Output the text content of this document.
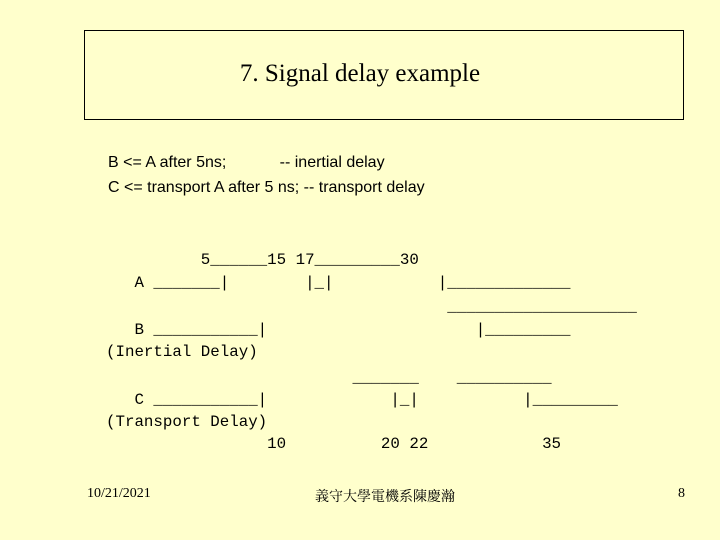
7. Signal delay example
B <= A after 5ns;            -- inertial delay
C <= transport A after 5 ns; -- transport delay
5______15 17_________30
A _______|        |_|           |_____________
____________________
B ___________|                      |_________
(Inertial Delay)
_______    __________
C ___________|             |_|           |_________
(Transport Delay)
10          20 22            35
10/21/2021	義守大學電機系陳慶瀚	8
